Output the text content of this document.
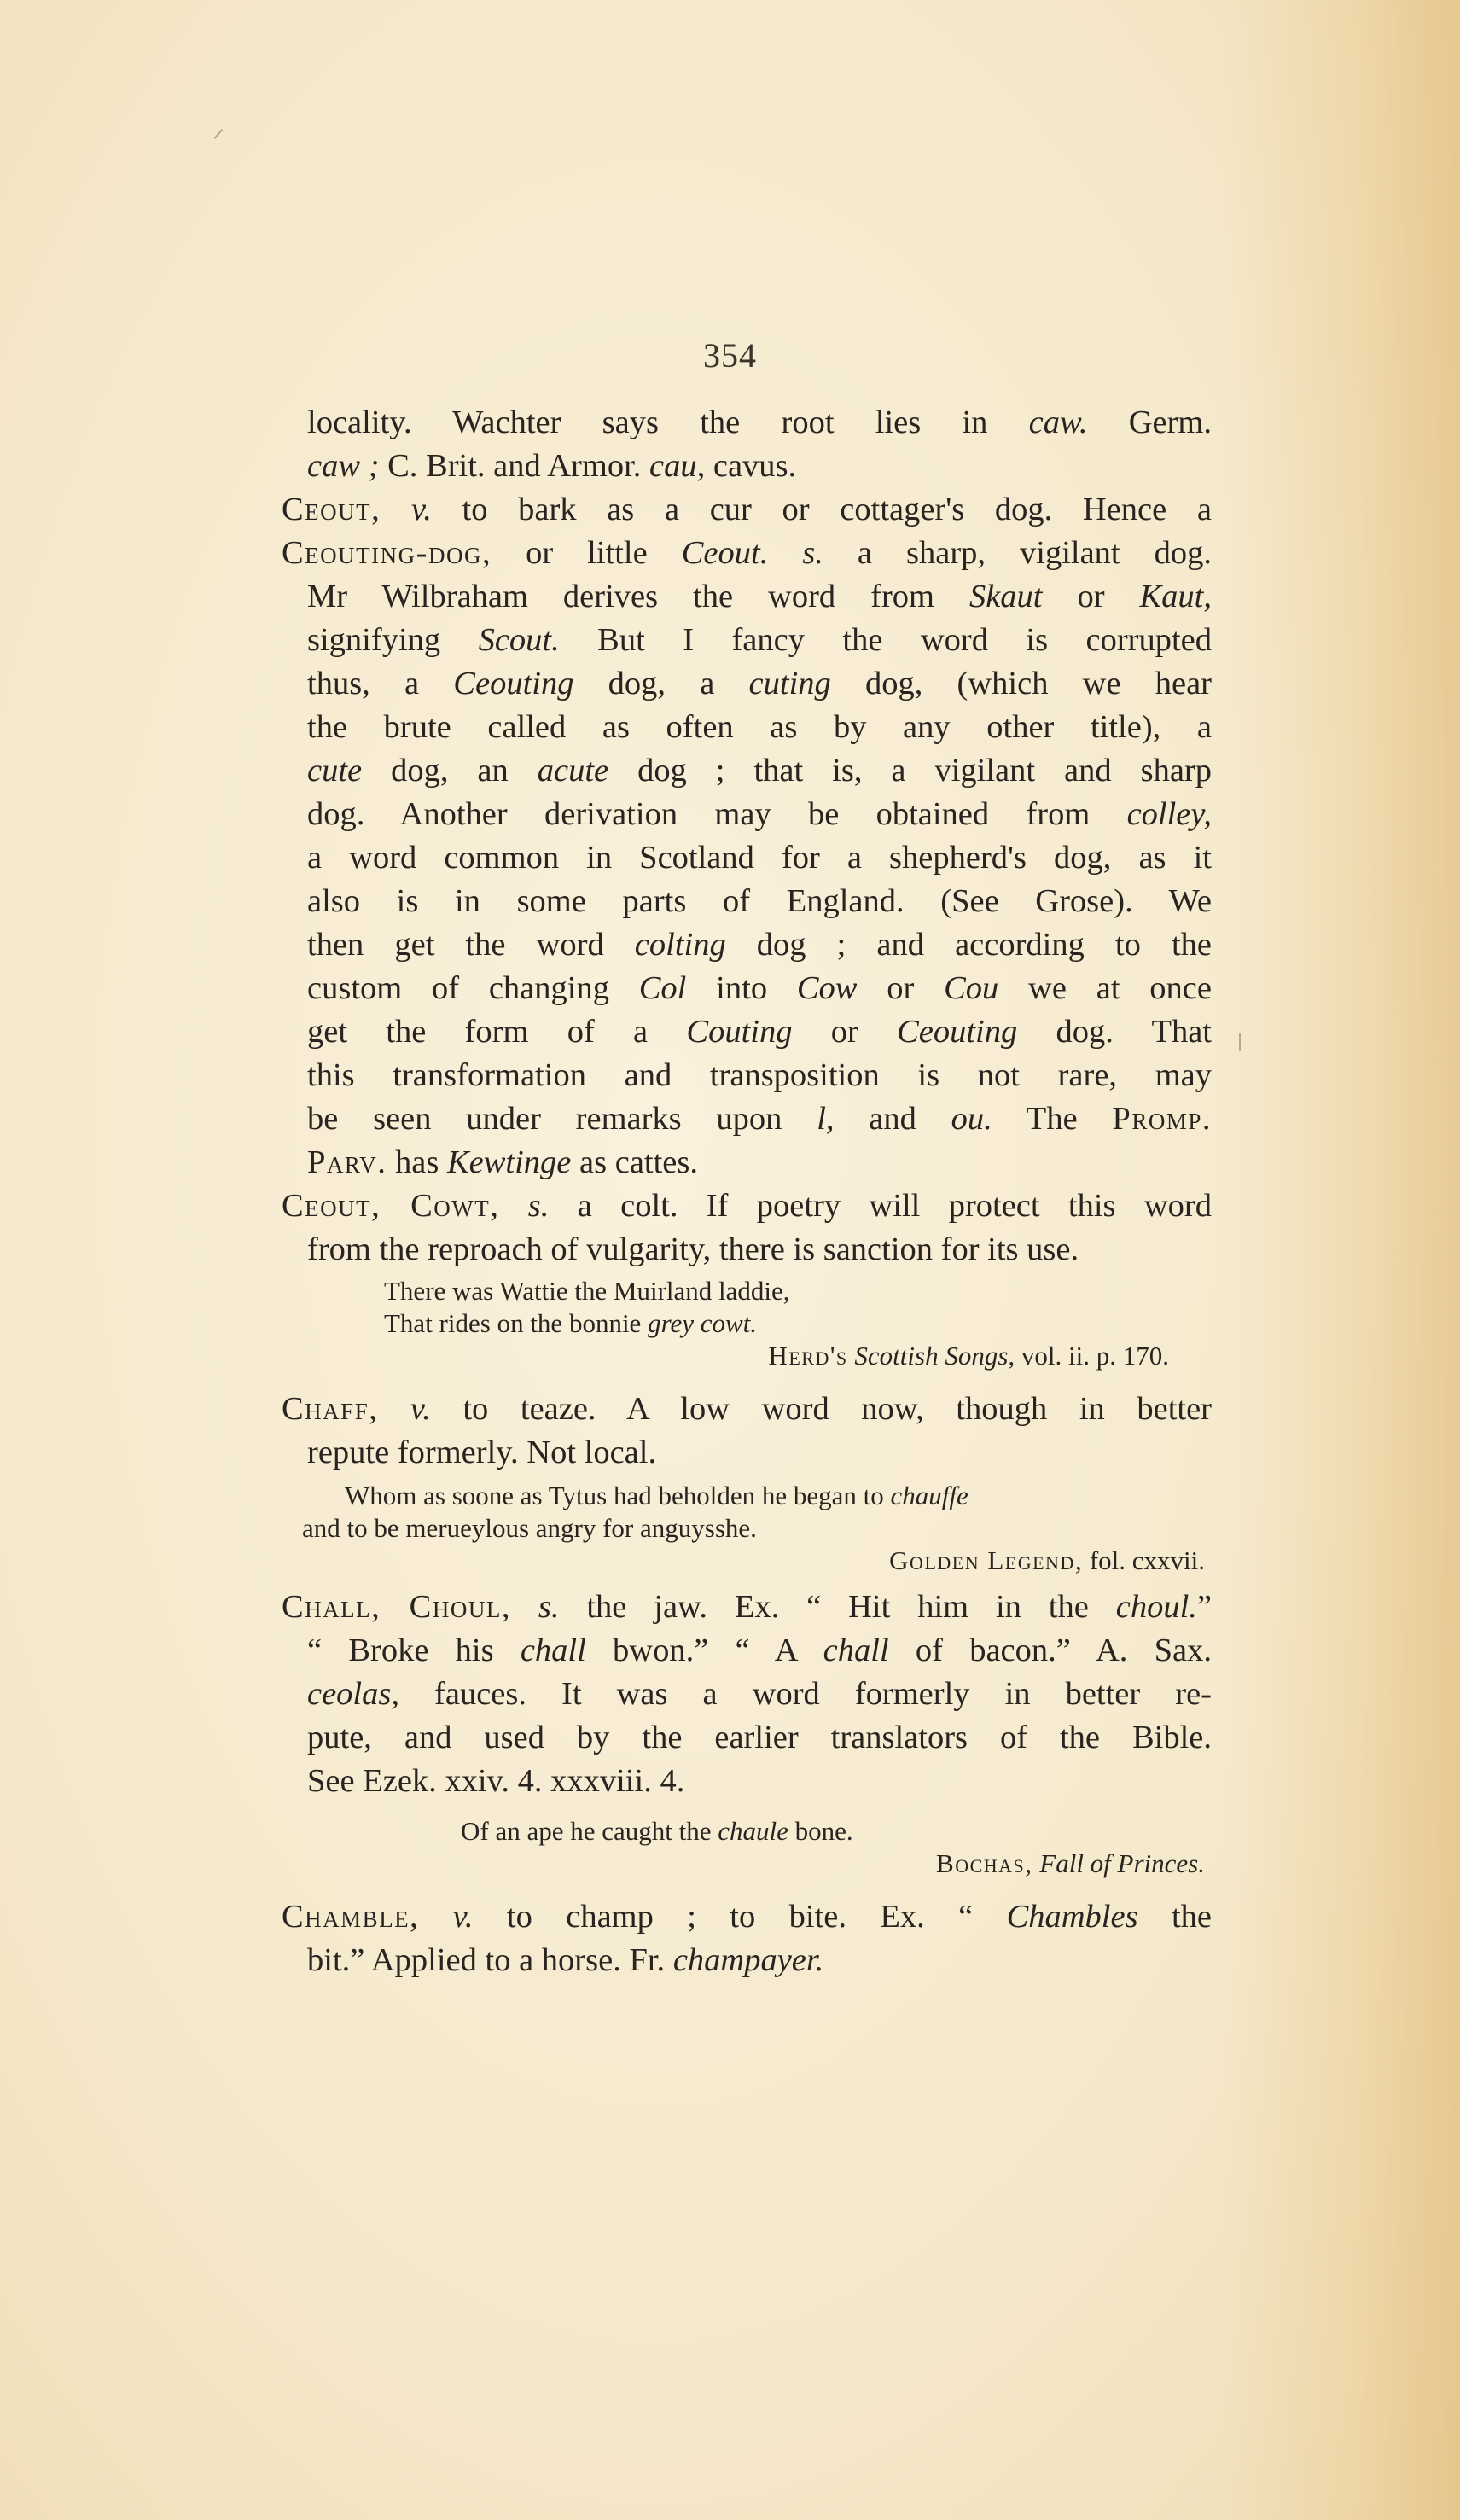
354
locality. Wachter says the root lies in caw. Germ.
caw ; C. Brit. and Armor. cau, cavus.
Ceout, v. to bark as a cur or cottager's dog. Hence a
Ceouting-dog, or little Ceout. s. a sharp, vigilant dog.
Mr Wilbraham derives the word from Skaut or Kaut,
signifying Scout. But I fancy the word is corrupted
thus, a Ceouting dog, a cuting dog, (which we hear
the brute called as often as by any other title), a
cute dog, an acute dog ; that is, a vigilant and sharp
dog. Another derivation may be obtained from colley,
a word common in Scotland for a shepherd's dog, as it
also is in some parts of England. (See Grose). We
then get the word colting dog ; and according to the
custom of changing Col into Cow or Cou we at once
get the form of a Couting or Ceouting dog. That
this transformation and transposition is not rare, may
be seen under remarks upon l, and ou. The Promp.
Parv. has Kewtinge as cattes.
Ceout, Cowt, s. a colt. If poetry will protect this word
from the reproach of vulgarity, there is sanction for its use.
There was Wattie the Muirland laddie,
That rides on the bonnie grey cowt.
Herd's Scottish Songs, vol. ii. p. 170.
Chaff, v. to teaze. A low word now, though in better
repute formerly. Not local.
Whom as soone as Tytus had beholden he began to chauffe
and to be merueylous angry for anguysshe.
Golden Legend, fol. cxxvii.
Chall, Choul, s. the jaw. Ex. “ Hit him in the choul.”
“ Broke his chall bwon.” “ A chall of bacon.” A. Sax.
ceolas, fauces. It was a word formerly in better re-
pute, and used by the earlier translators of the Bible.
See Ezek. xxiv. 4. xxxviii. 4.
Of an ape he caught the chaule bone.
Bochas, Fall of Princes.
Chamble, v. to champ ; to bite. Ex. “ Chambles the
bit.” Applied to a horse. Fr. champayer.
